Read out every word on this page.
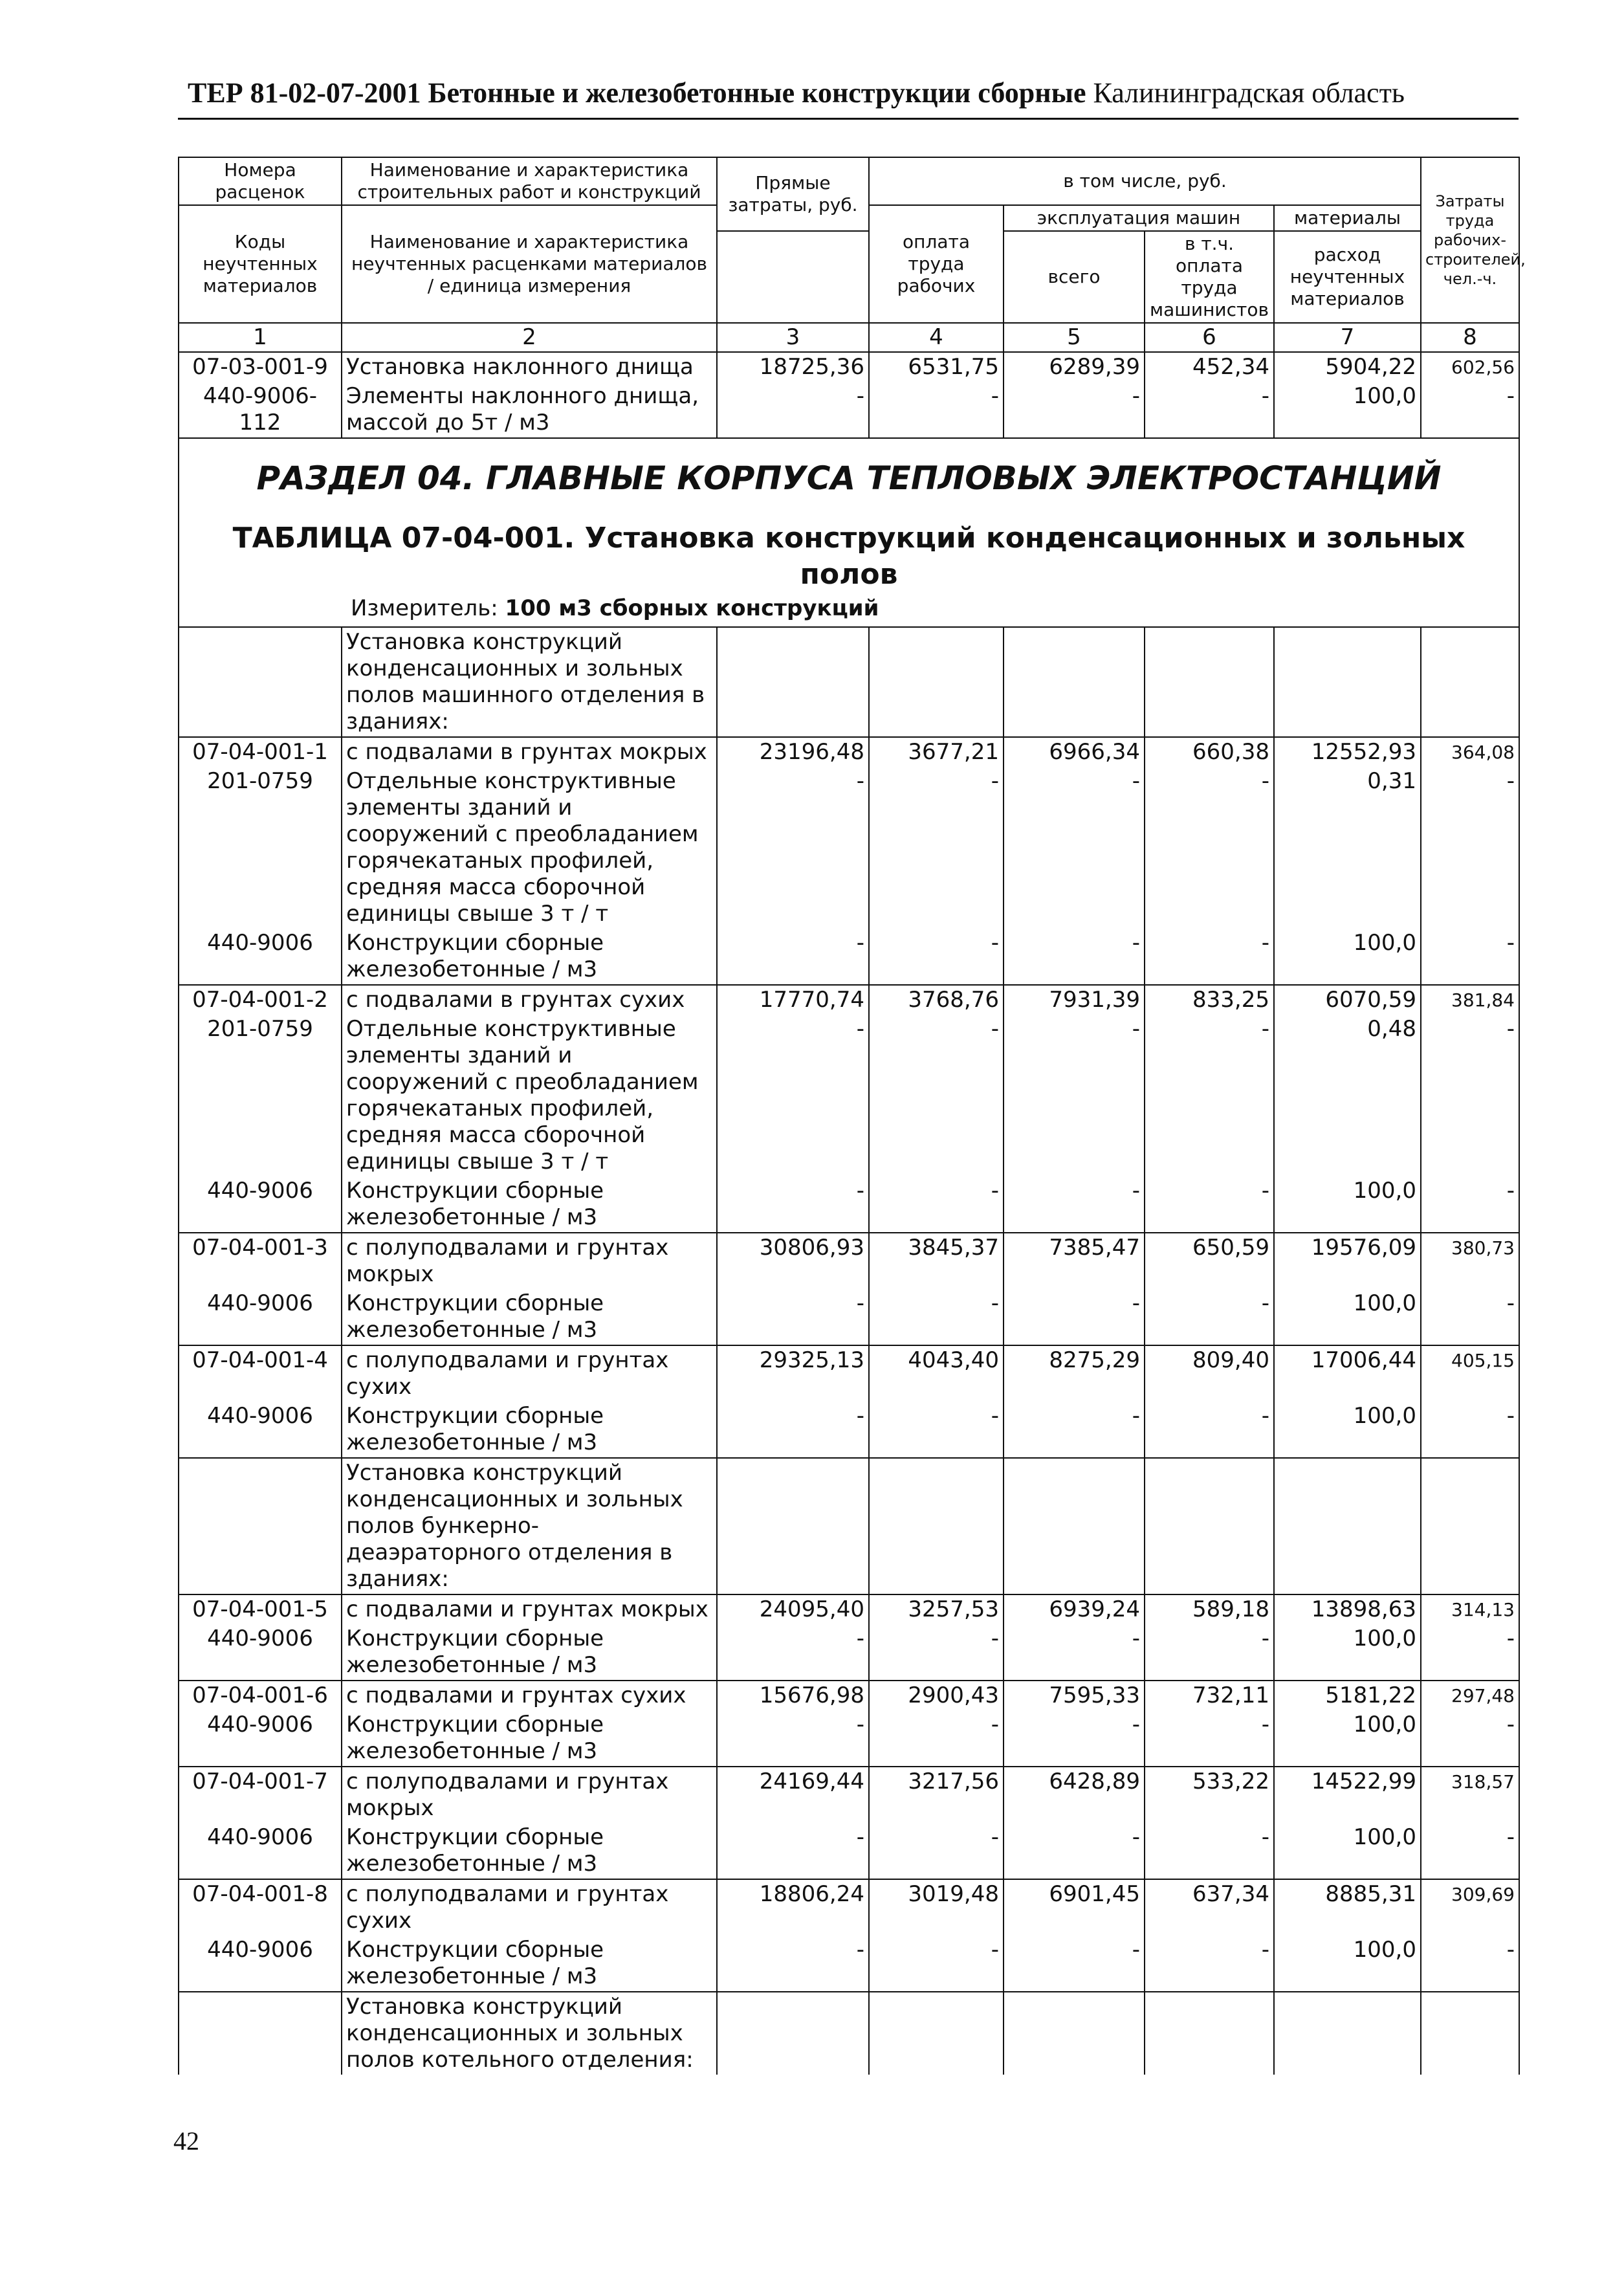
ТЕР 81-02-07-2001 Бетонные и железобетонные конструкции сборные Калининградская область
Номера расценок	Наименование и характеристика строительных работ и конструкций	Прямые затраты, руб.	в том числе, руб.				Затраты труда рабочих-строителей, чел.-ч.
Коды неучтенных материалов	Наименование и характеристика неучтенных расценками материалов / единица измерения		оплата труда рабочих	эксплуатация машин		материалы	
				всего	в т.ч. оплата труда машинистов	расход неучтенных материалов	

1	2	3	4	5	6	7	8
07-03-001-9	Установка наклонного днища	18725,36	6531,75	6289,39	452,34	5904,22	602,56
440-9006-112	Элементы наклонного днища, массой до 5т / м3	-	-	-	-	100,0	-

РАЗДЕЛ 04. ГЛАВНЫЕ КОРПУСА ТЕПЛОВЫХ ЭЛЕКТРОСТАНЦИЙ
ТАБЛИЦА 07-04-001. Установка конструкций конденсационных и зольных полов
Измеритель: 100 м3 сборных конструкций							

	Установка конструкций конденсационных и зольных полов машинного отделения в зданиях:						
07-04-001-1	с подвалами в грунтах мокрых	23196,48	3677,21	6966,34	660,38	12552,93	364,08
201-0759	Отдельные конструктивные элементы зданий и сооружений с преобладанием горячекатаных профилей, средняя масса сборочной единицы свыше 3 т / т	-	-	-	-	0,31	-
440-9006	Конструкции сборные железобетонные / м3	-	-	-	-	100,0	-
07-04-001-2	с подвалами в грунтах сухих	17770,74	3768,76	7931,39	833,25	6070,59	381,84
201-0759	Отдельные конструктивные элементы зданий и сооружений с преобладанием горячекатаных профилей, средняя масса сборочной единицы свыше 3 т / т	-	-	-	-	0,48	-
440-9006	Конструкции сборные железобетонные / м3	-	-	-	-	100,0	-
07-04-001-3	с полуподвалами и грунтах мокрых	30806,93	3845,37	7385,47	650,59	19576,09	380,73
440-9006	Конструкции сборные железобетонные / м3	-	-	-	-	100,0	-
07-04-001-4	с полуподвалами и грунтах сухих	29325,13	4043,40	8275,29	809,40	17006,44	405,15
440-9006	Конструкции сборные железобетонные / м3	-	-	-	-	100,0	-
	Установка конструкций конденсационных и зольных полов бункерно-деаэраторного отделения в зданиях:						
07-04-001-5	с подвалами и грунтах мокрых	24095,40	3257,53	6939,24	589,18	13898,63	314,13
440-9006	Конструкции сборные железобетонные / м3	-	-	-	-	100,0	-
07-04-001-6	с подвалами и грунтах сухих	15676,98	2900,43	7595,33	732,11	5181,22	297,48
440-9006	Конструкции сборные железобетонные / м3	-	-	-	-	100,0	-
07-04-001-7	с полуподвалами и грунтах мокрых	24169,44	3217,56	6428,89	533,22	14522,99	318,57
440-9006	Конструкции сборные железобетонные / м3	-	-	-	-	100,0	-
07-04-001-8	с полуподвалами и грунтах сухих	18806,24	3019,48	6901,45	637,34	8885,31	309,69
440-9006	Конструкции сборные железобетонные / м3	-	-	-	-	100,0	-
	Установка конструкций конденсационных и зольных полов котельного отделения:						
42
